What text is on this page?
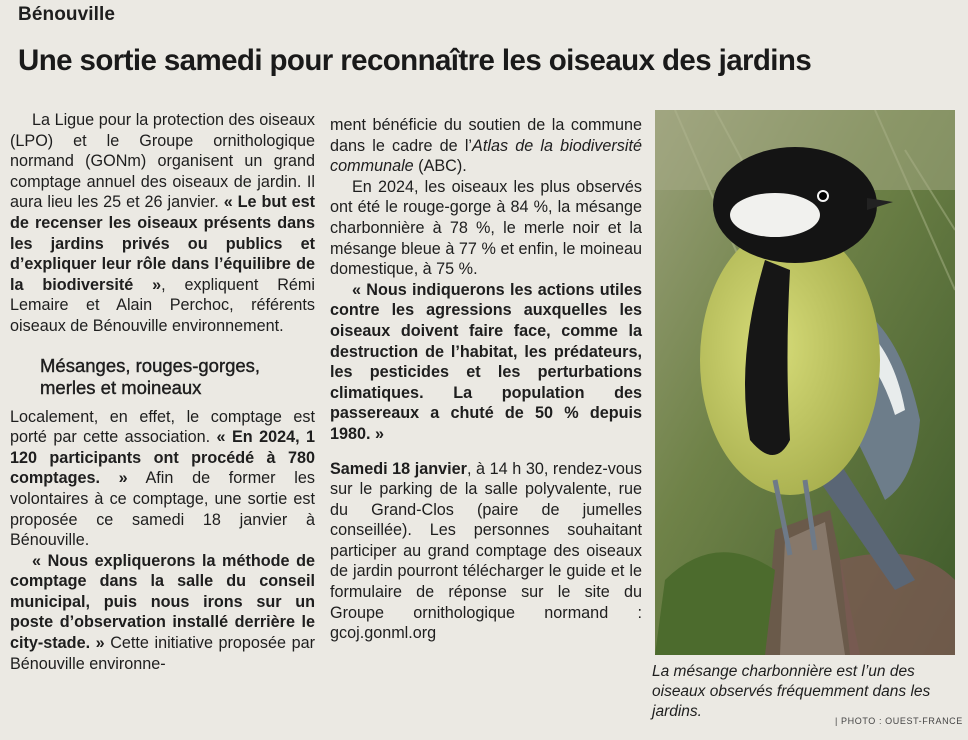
Bénouville
Une sortie samedi pour reconnaître les oiseaux des jardins

La Ligue pour la protection des oiseaux (LPO) et le Groupe ornithologique normand (GONm) organisent un grand comptage annuel des oiseaux de jardin. Il aura lieu les 25 et 26 janvier. « Le but est de recenser les oiseaux présents dans les jardins privés ou publics et d’expliquer leur rôle dans l’équilibre de la biodiversité », expliquent Rémi Lemaire et Alain Perchoc, référents oiseaux de Bénouville environnement.

Mésanges, rouges-gorges, merles et moineaux

Localement, en effet, le comptage est porté par cette association. « En 2024, 1 120 participants ont procédé à 780 comptages. » Afin de former les volontaires à ce comptage, une sortie est proposée ce samedi 18 janvier à Bénouville.

« Nous expliquerons la méthode de comptage dans la salle du conseil municipal, puis nous irons sur un poste d’observation installé derrière le city-stade. » Cette initiative proposée par Bénouville environne-

ment bénéficie du soutien de la commune dans le cadre de l’Atlas de la biodiversité communale (ABC).

En 2024, les oiseaux les plus observés ont été le rouge-gorge à 84 %, la mésange charbonnière à 78 %, le merle noir et la mésange bleue à 77 % et enfin, le moineau domestique, à 75 %.

« Nous indiquerons les actions utiles contre les agressions auxquelles les oiseaux doivent faire face, comme la destruction de l’habitat, les prédateurs, les pesticides et les perturbations climatiques. La population des passereaux a chuté de 50 % depuis 1980. »

Samedi 18 janvier, à 14 h 30, rendez-vous sur le parking de la salle polyvalente, rue du Grand-Clos (paire de jumelles conseillée). Les personnes souhaitant participer au grand comptage des oiseaux de jardin pourront télécharger le guide et le formulaire de réponse sur le site du Groupe ornithologique normand : gcoj.gonml.org

La mésange charbonnière est l’un des oiseaux observés fréquemment dans les jardins.
| PHOTO : OUEST-FRANCE
